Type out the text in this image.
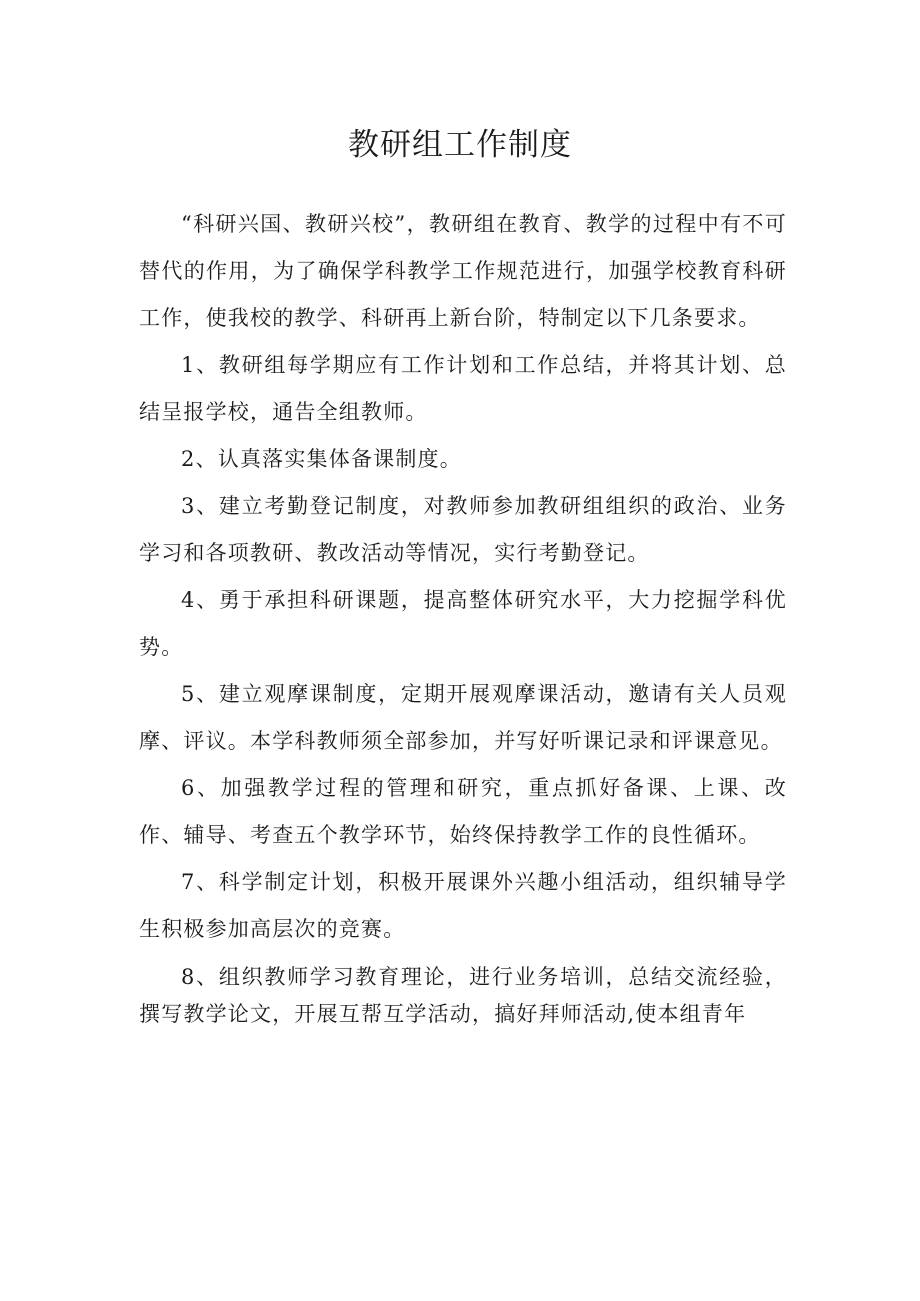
教研组工作制度

“科研兴国、教研兴校”，教研组在教育、教学的过程中有不可替代的作用，为了确保学科教学工作规范进行，加强学校教育科研工作，使我校的教学、科研再上新台阶，特制定以下几条要求。

1、教研组每学期应有工作计划和工作总结，并将其计划、总结呈报学校，通告全组教师。

2、认真落实集体备课制度。

3、建立考勤登记制度，对教师参加教研组组织的政治、业务学习和各项教研、教改活动等情况，实行考勤登记。

4、勇于承担科研课题，提高整体研究水平，大力挖掘学科优势。

5、建立观摩课制度，定期开展观摩课活动，邀请有关人员观摩、评议。本学科教师须全部参加，并写好听课记录和评课意见。

6、加强教学过程的管理和研究，重点抓好备课、上课、改作、辅导、考查五个教学环节，始终保持教学工作的良性循环。

7、科学制定计划，积极开展课外兴趣小组活动，组织辅导学生积极参加高层次的竞赛。

8、组织教师学习教育理论，进行业务培训，总结交流经验，撰写教学论文，开展互帮互学活动，搞好拜师活动,使本组青年
